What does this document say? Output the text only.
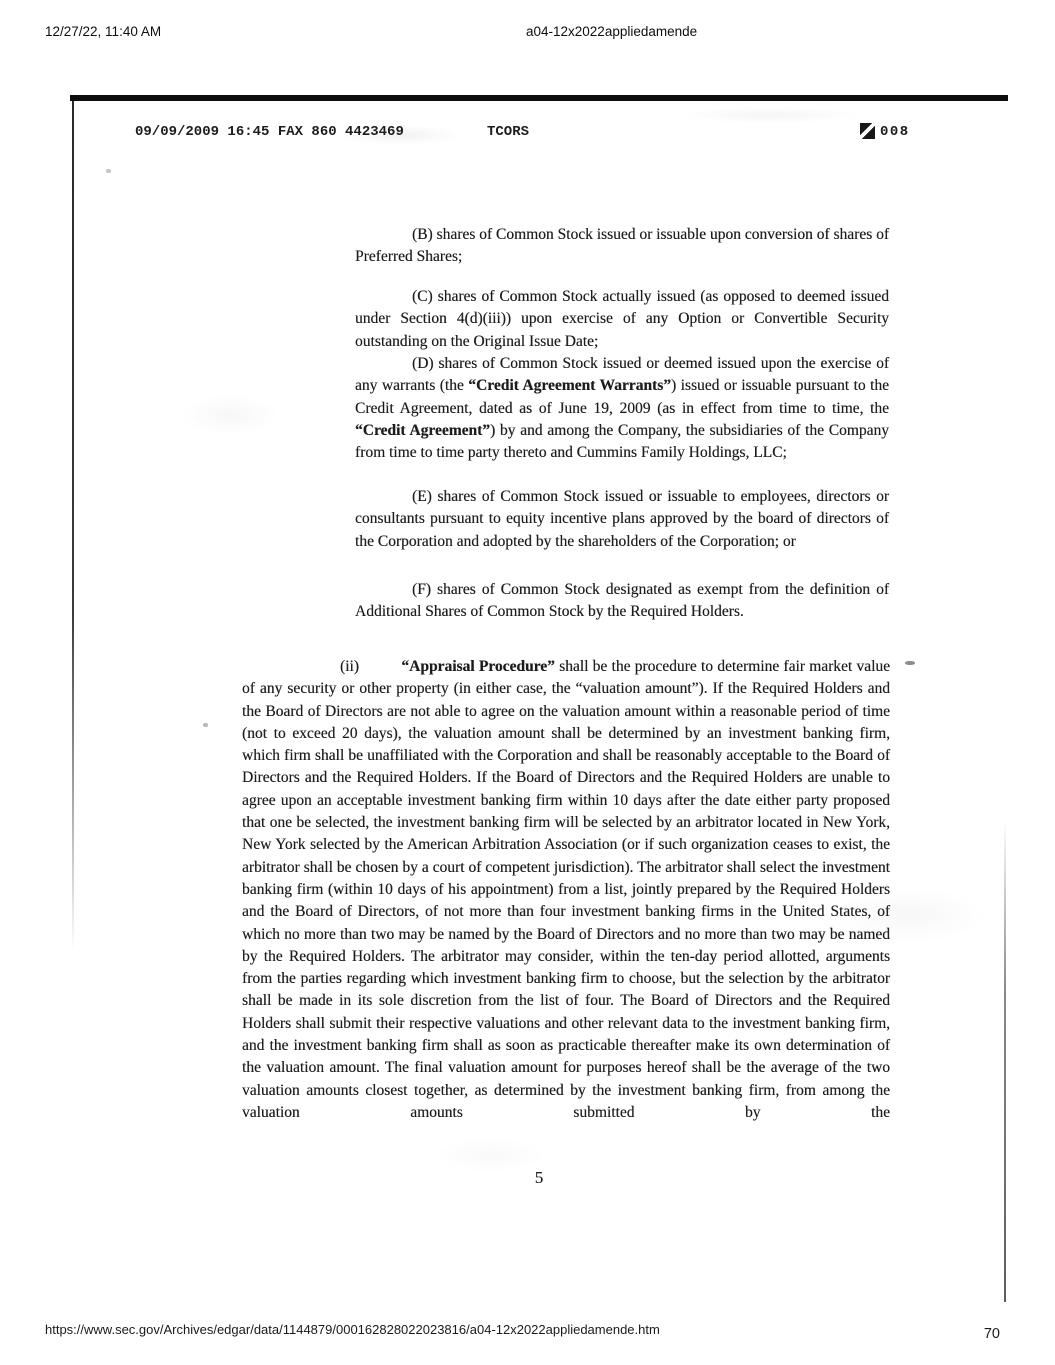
12/27/22, 11:40 AM	a04-12x2022appliedamende
09/09/2009 16:45 FAX 860 4423469	TCORS	008

(B) shares of Common Stock issued or issuable upon conversion of shares of Preferred Shares;

(C) shares of Common Stock actually issued (as opposed to deemed issued under Section 4(d)(iii)) upon exercise of any Option or Convertible Security outstanding on the Original Issue Date;

(D) shares of Common Stock issued or deemed issued upon the exercise of any warrants (the “Credit Agreement Warrants”) issued or issuable pursuant to the Credit Agreement, dated as of June 19, 2009 (as in effect from time to time, the “Credit Agreement”) by and among the Company, the subsidiaries of the Company from time to time party thereto and Cummins Family Holdings, LLC;

(E) shares of Common Stock issued or issuable to employees, directors or consultants pursuant to equity incentive plans approved by the board of directors of the Corporation and adopted by the shareholders of the Corporation; or

(F) shares of Common Stock designated as exempt from the definition of Additional Shares of Common Stock by the Required Holders.

(ii)          “Appraisal Procedure” shall be the procedure to determine fair market value of any security or other property (in either case, the “valuation amount”). If the Required Holders and the Board of Directors are not able to agree on the valuation amount within a reasonable period of time (not to exceed 20 days), the valuation amount shall be determined by an investment banking firm, which firm shall be unaffiliated with the Corporation and shall be reasonably acceptable to the Board of Directors and the Required Holders. If the Board of Directors and the Required Holders are unable to agree upon an acceptable investment banking firm within 10 days after the date either party proposed that one be selected, the investment banking firm will be selected by an arbitrator located in New York, New York selected by the American Arbitration Association (or if such organization ceases to exist, the arbitrator shall be chosen by a court of competent jurisdiction). The arbitrator shall select the investment banking firm (within 10 days of his appointment) from a list, jointly prepared by the Required Holders and the Board of Directors, of not more than four investment banking firms in the United States, of which no more than two may be named by the Board of Directors and no more than two may be named by the Required Holders. The arbitrator may consider, within the ten-day period allotted, arguments from the parties regarding which investment banking firm to choose, but the selection by the arbitrator shall be made in its sole discretion from the list of four. The Board of Directors and the Required Holders shall submit their respective valuations and other relevant data to the investment banking firm, and the investment banking firm shall as soon as practicable thereafter make its own determination of the valuation amount. The final valuation amount for purposes hereof shall be the average of the two valuation amounts closest together, as determined by the investment banking firm, from among the valuation amounts submitted by the

5
https://www.sec.gov/Archives/edgar/data/1144879/000162828022023816/a04-12x2022appliedamende.htm	70
